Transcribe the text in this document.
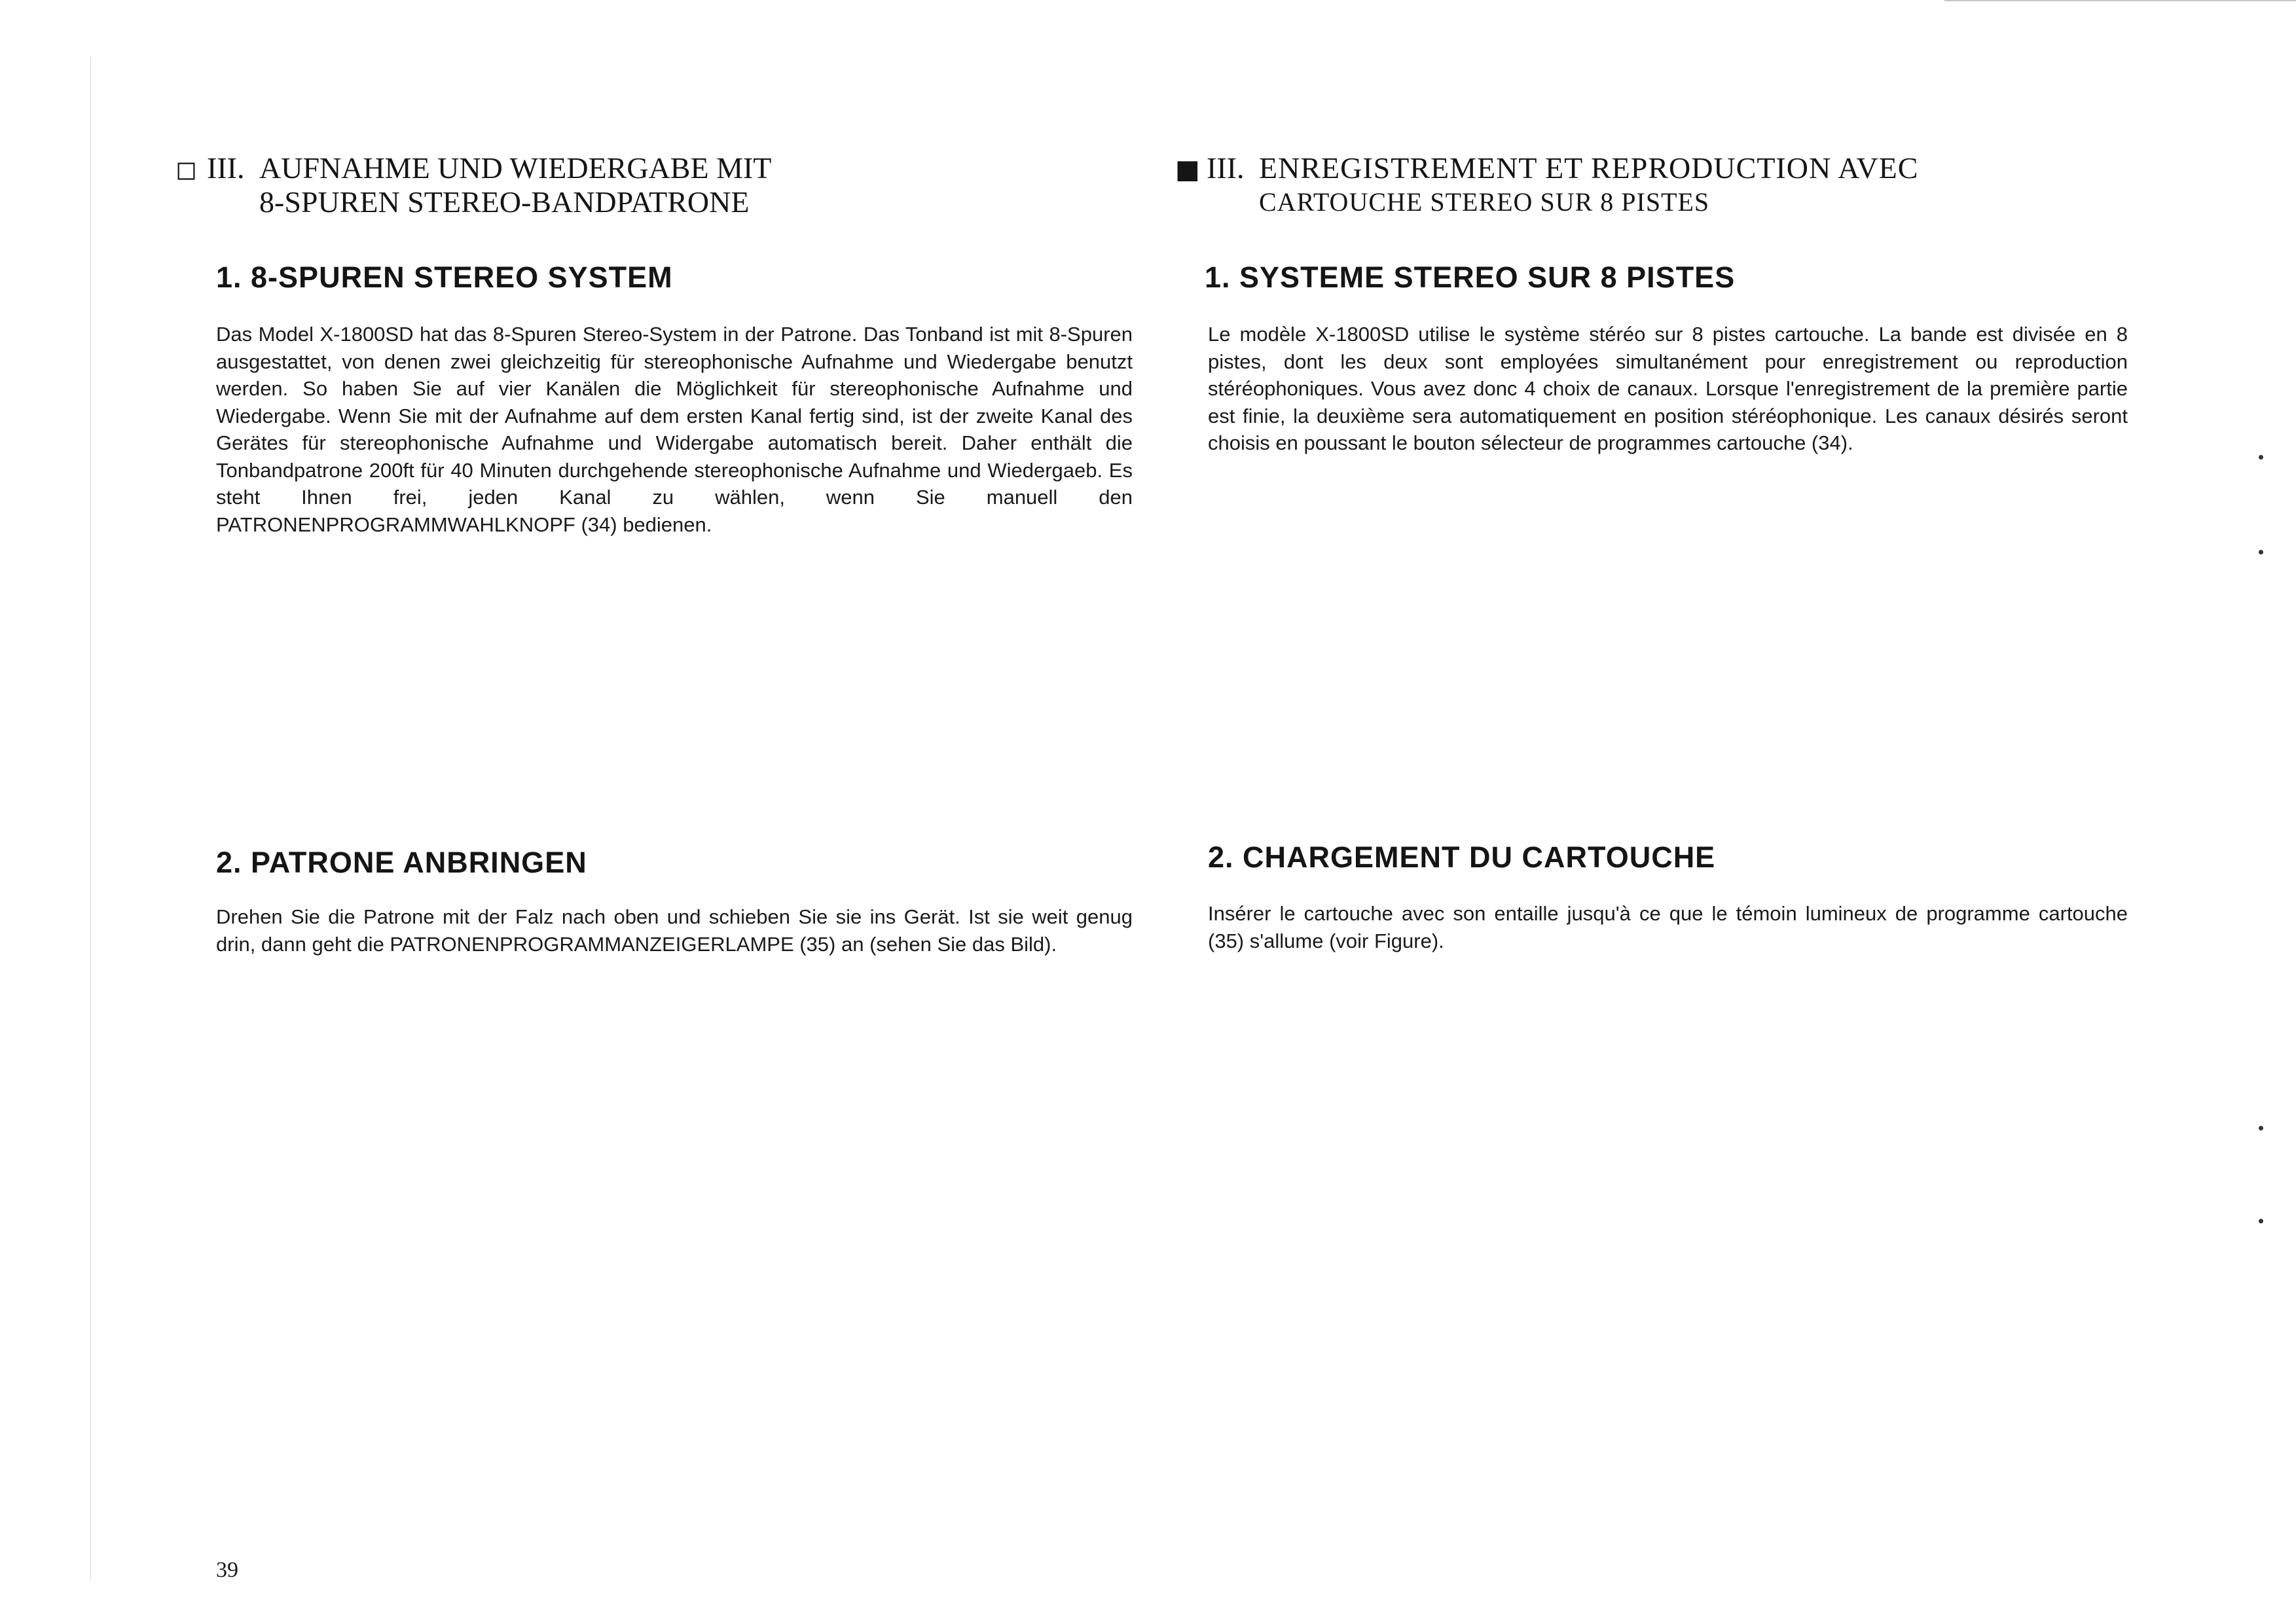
◻ III. AUFNAHME UND WIEDERGABE MIT
8-SPUREN STEREO-BANDPATRONE
1. 8-SPUREN STEREO SYSTEM

Das Model X-1800SD hat das 8-Spuren Stereo-System in der Patrone. Das Tonband ist mit 8-Spuren ausgestattet, von denen zwei gleichzeitig für stereophonische Aufnahme und Wiedergabe benutzt werden. So haben Sie auf vier Kanälen die Möglichkeit für stereophonische Aufnahme und Wiedergabe. Wenn Sie mit der Aufnahme auf dem ersten Kanal fertig sind, ist der zweite Kanal des Gerätes für stereophonische Aufnahme und Widergabe automatisch bereit. Daher enthält die Tonbandpatrone 200ft für 40 Minuten durchgehende stereophonische Aufnahme und Wiedergaeb. Es steht Ihnen frei, jeden Kanal zu wählen, wenn Sie manuell den PATRONENPROGRAMMWAHLKNOPF (34) bedienen.

2. PATRONE ANBRINGEN

Drehen Sie die Patrone mit der Falz nach oben und schieben Sie sie ins Gerät. Ist sie weit genug drin, dann geht die PATRONENPROGRAMMANZEIGERLAMPE (35) an (sehen Sie das Bild).

■ III. ENREGISTREMENT ET REPRODUCTION AVEC
CARTOUCHE STEREO SUR 8 PISTES
1. SYSTEME STEREO SUR 8 PISTES

Le modèle X-1800SD utilise le système stéréo sur 8 pistes cartouche. La bande est divisée en 8 pistes, dont les deux sont employées simultanément pour enregistrement ou reproduction stéréophoniques. Vous avez donc 4 choix de canaux. Lorsque l'enregistrement de la première partie est finie, la deuxième sera automatiquement en position stéréophonique. Les canaux désirés seront choisis en poussant le bouton sélecteur de programmes cartouche (34).

2. CHARGEMENT DU CARTOUCHE

Insérer le cartouche avec son entaille jusqu'à ce que le témoin lumineux de programme cartouche (35) s'allume (voir Figure).

39
